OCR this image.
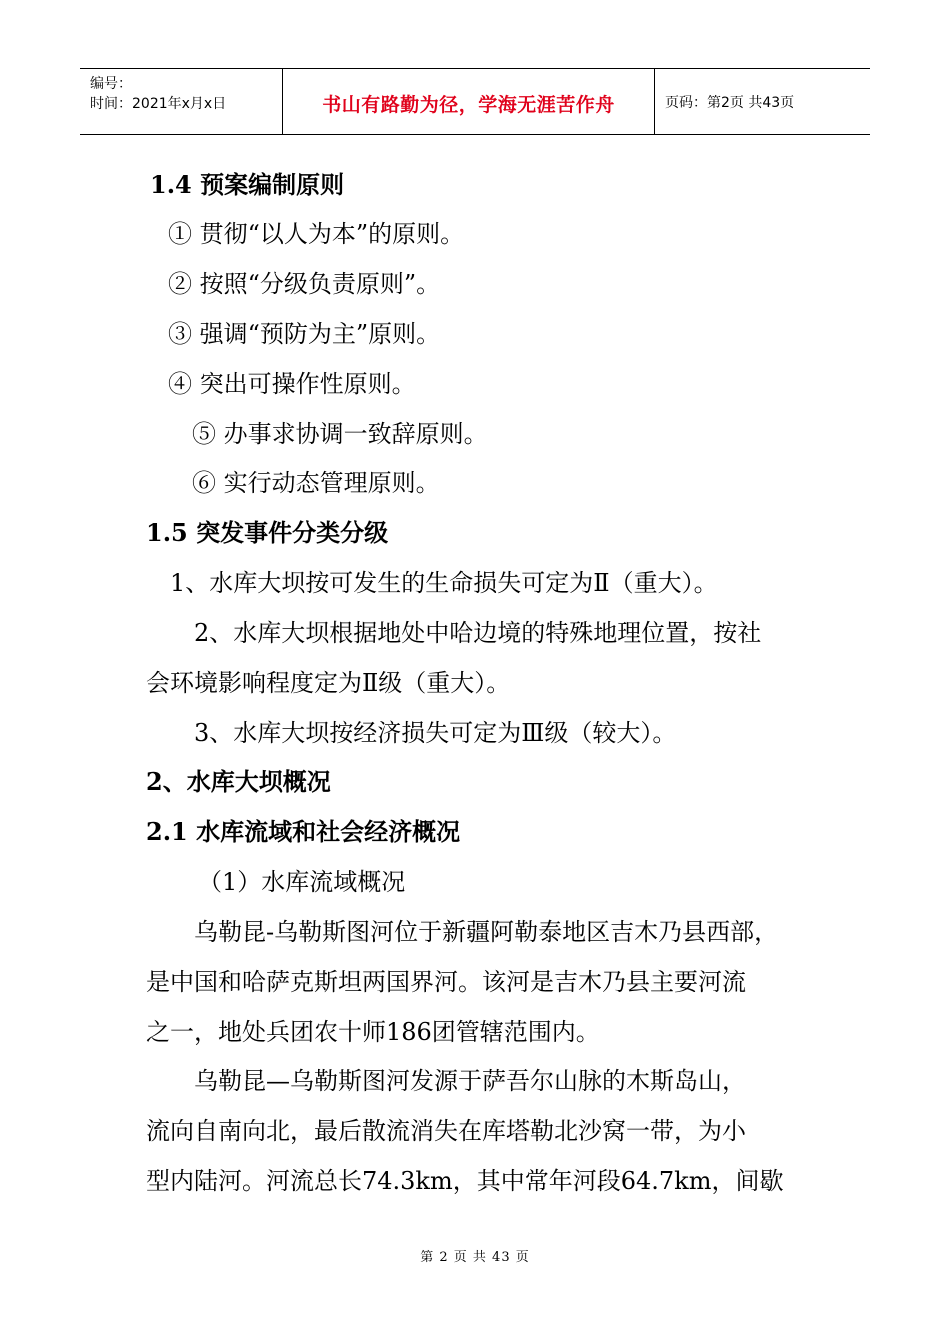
编号：
时间：2021年x月x日	书山有路勤为径，学海无涯苦作舟	页码：第2页 共43页
1.4 预案编制原则
① 贯彻“以人为本”的原则。
② 按照“分级负责原则”。
③ 强调“预防为主”原则。
④ 突出可操作性原则。
⑤ 办事求协调一致辞原则。
⑥ 实行动态管理原则。
1.5 突发事件分类分级
1、水库大坝按可发生的生命损失可定为Ⅱ（重大）。
2、水库大坝根据地处中哈边境的特殊地理位置，按社
会环境影响程度定为Ⅱ级（重大）。
3、水库大坝按经济损失可定为Ⅲ级（较大）。
2、水库大坝概况
2.1 水库流域和社会经济概况
（1）水库流域概况
乌勒昆-乌勒斯图河位于新疆阿勒泰地区吉木乃县西部，
是中国和哈萨克斯坦两国界河。该河是吉木乃县主要河流
之一，地处兵团农十师186团管辖范围内。
乌勒昆—乌勒斯图河发源于萨吾尔山脉的木斯岛山，
流向自南向北，最后散流消失在库塔勒北沙窝一带，为小
型内陆河。河流总长74.3km，其中常年河段64.7km，间歇
第 2 页 共 43 页
